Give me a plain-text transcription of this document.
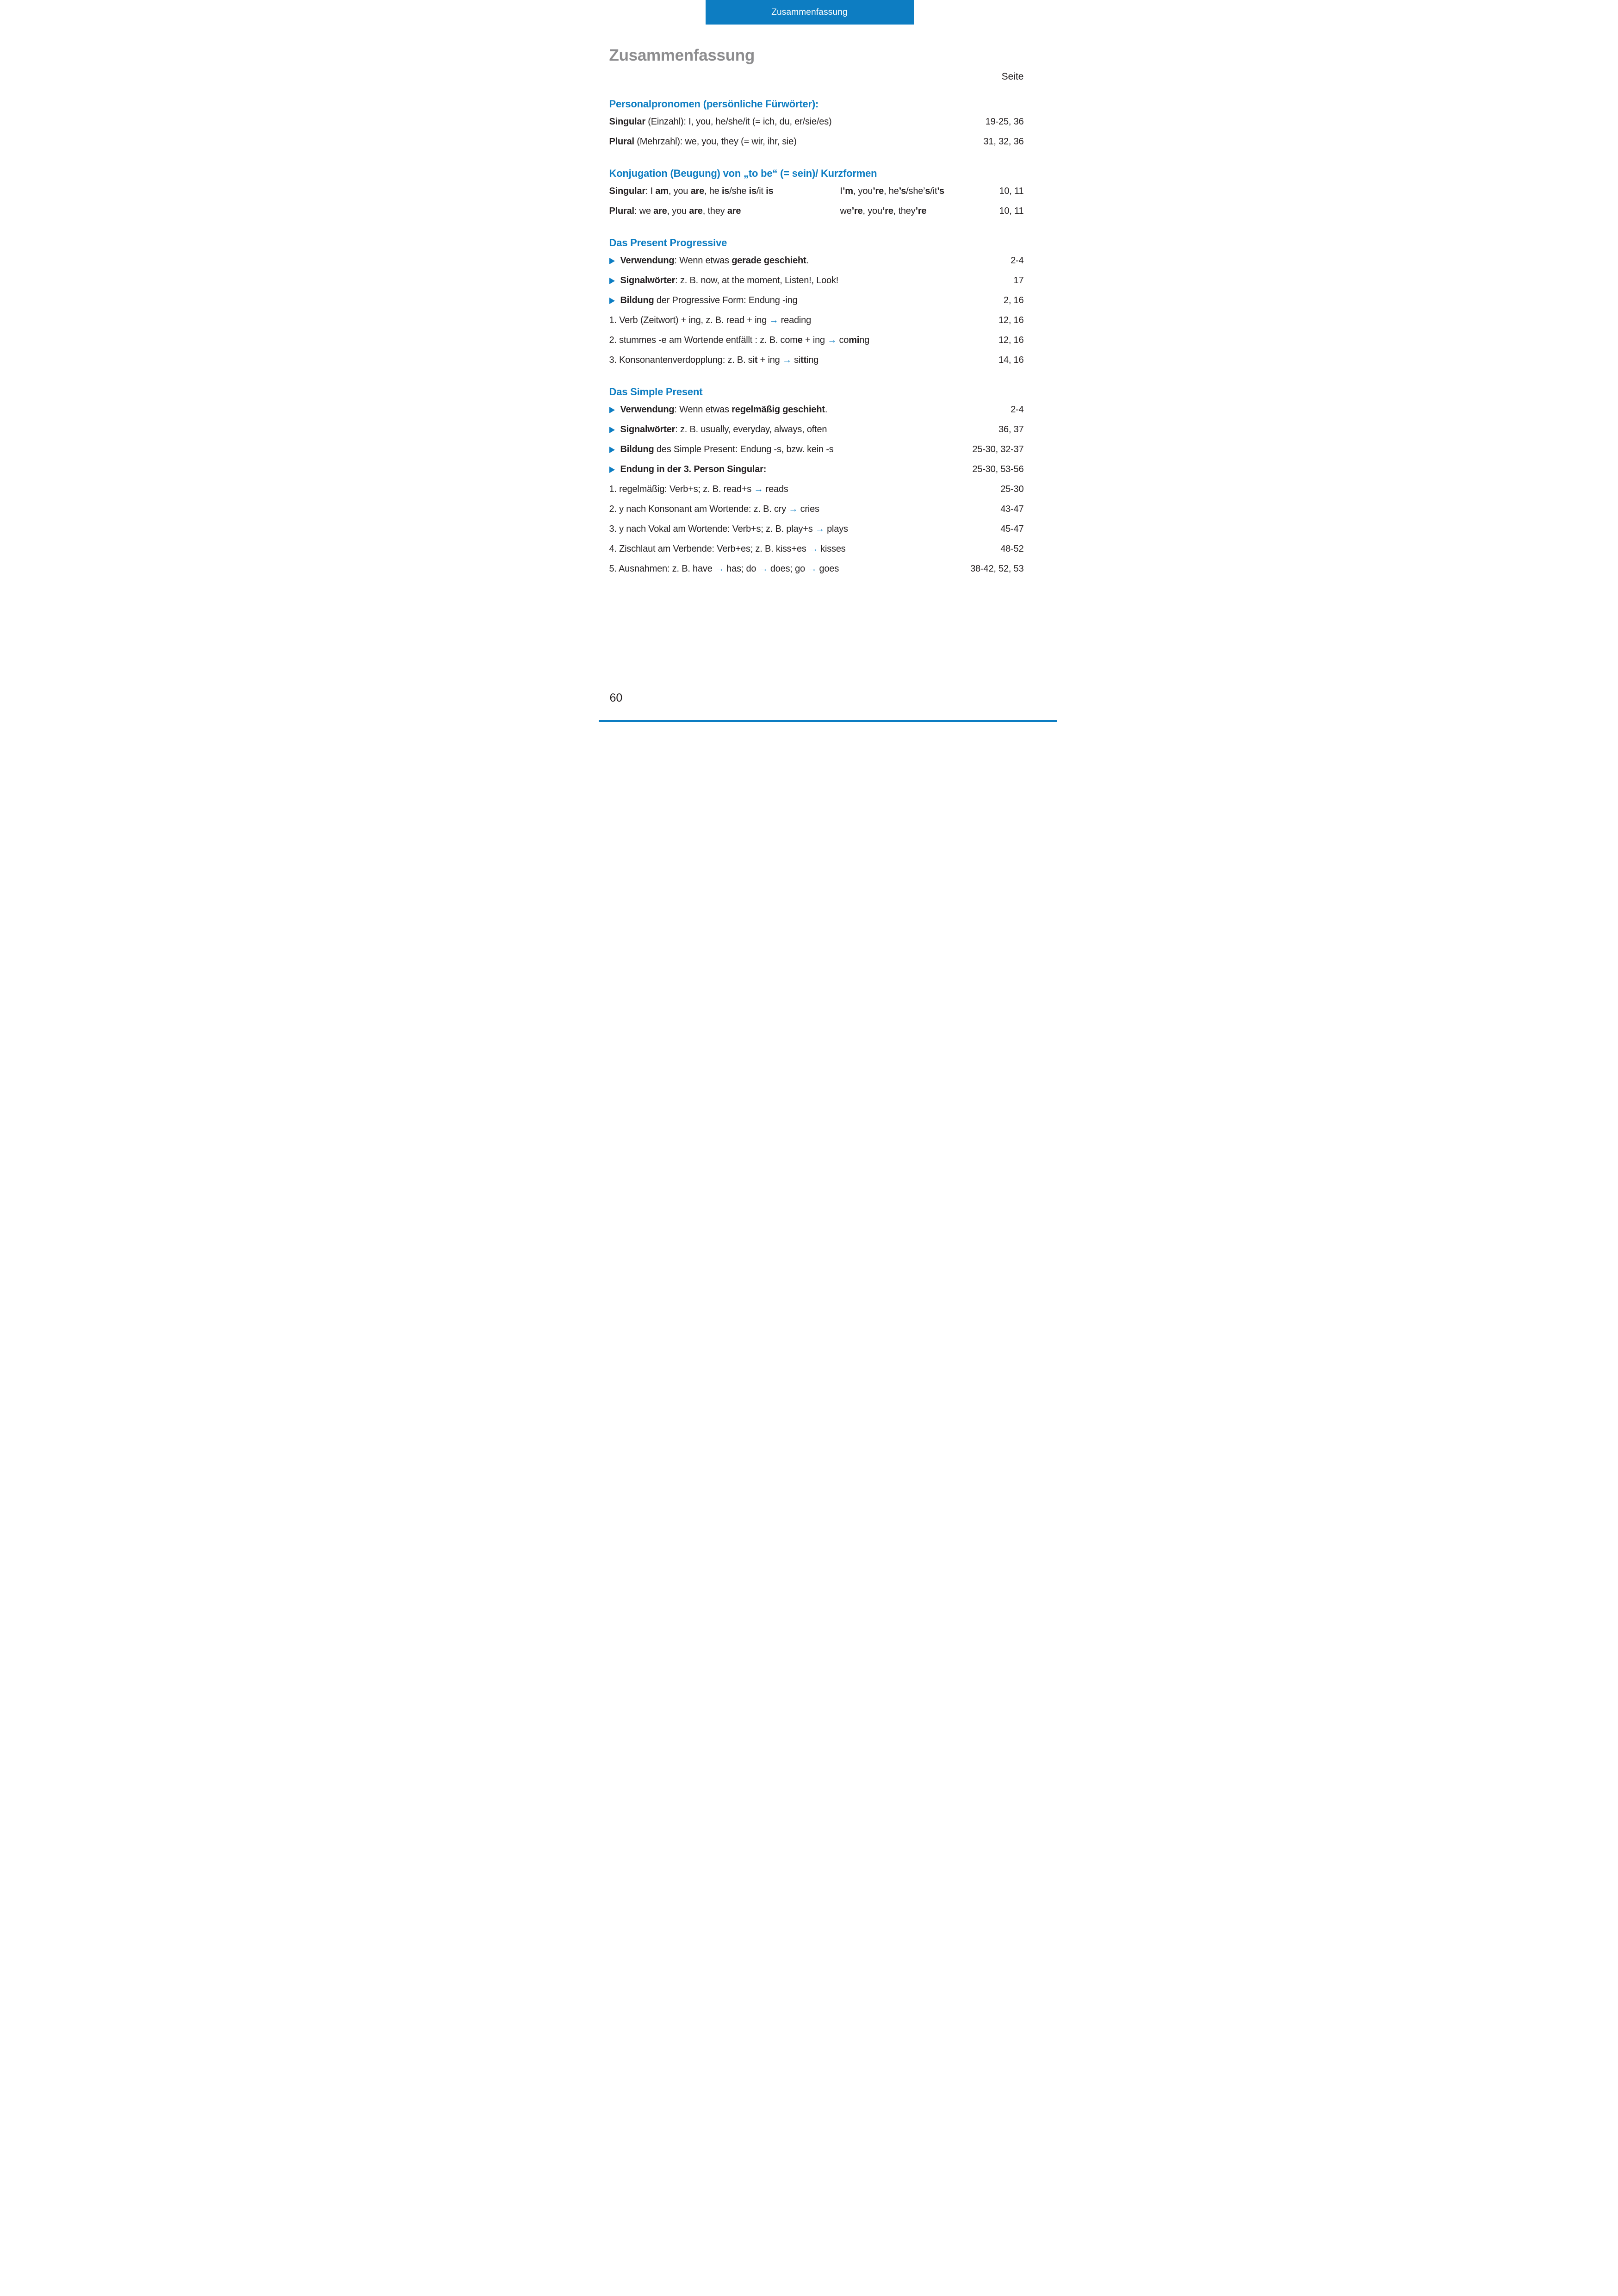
Zusammenfassung
Zusammenfassung
Seite
Personalpronomen (persönliche Fürwörter):
Singular (Einzahl): I, you, he/she/it (= ich, du, er/sie/es)	19-25, 36
Plural (Mehrzahl): we, you, they (= wir, ihr, sie)	31, 32, 36
Konjugation (Beugung) von „to be“ (= sein)/ Kurzformen
Singular: I am, you are, he is/she is/it is	I’m, you’re, he’s/she’s/it’s	10, 11
Plural: we are, you are, they are	we’re, you’re, they’re	10, 11
Das Present Progressive
Verwendung: Wenn etwas gerade geschieht.	2-4
Signalwörter: z. B. now, at the moment, Listen!, Look!	17
Bildung der Progressive Form: Endung -ing	2, 16
1. Verb (Zeitwort) + ing, z. B. read + ing → reading	12, 16
2. stummes -e am Wortende entfällt : z. B. come + ing → coming	12, 16
3. Konsonantenverdopplung: z. B. sit + ing → sitting	14, 16
Das Simple Present
Verwendung: Wenn etwas regelmäßig geschieht.	2-4
Signalwörter: z. B. usually, everyday, always, often	36, 37
Bildung des Simple Present: Endung -s, bzw. kein -s	25-30, 32-37
Endung in der 3. Person Singular:	25-30, 53-56
1. regelmäßig: Verb+s; z. B. read+s → reads	25-30
2. y nach Konsonant am Wortende: z. B. cry → cries	43-47
3. y nach Vokal am Wortende: Verb+s; z. B. play+s → plays	45-47
4. Zischlaut am Verbende: Verb+es; z. B. kiss+es → kisses	48-52
5. Ausnahmen: z. B. have → has; do → does; go → goes	38-42, 52, 53
60
